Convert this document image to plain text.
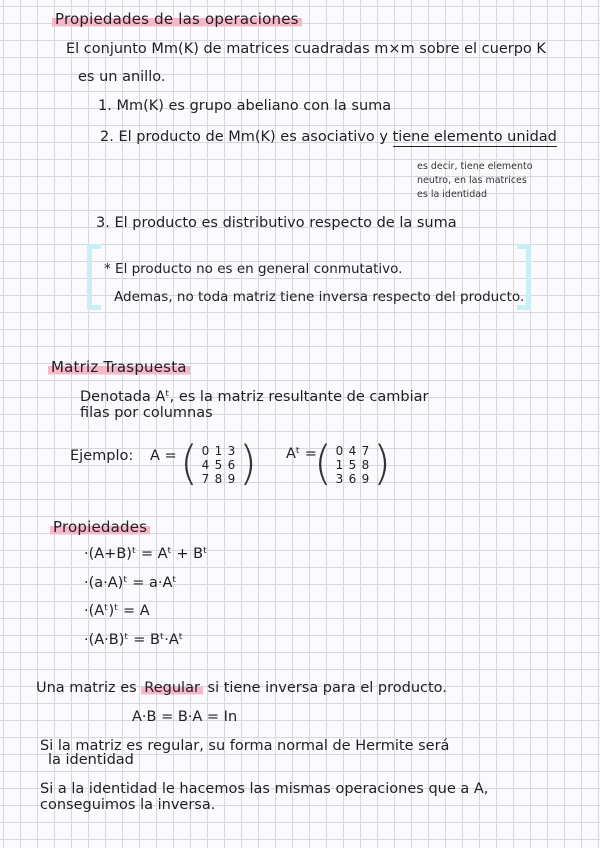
Propiedades de las operaciones
El conjunto Mm(K) de matrices cuadradas m×m sobre el cuerpo K
es un anillo.
1. Mm(K) es grupo abeliano con la suma
2. El producto de Mm(K) es asociativo y tiene elemento unidad
es decir, tiene elemento
neutro, en las matrices
es la identidad
3. El producto es distributivo respecto de la suma
* El producto no es en general conmutativo.
Ademas, no toda matriz tiene inversa respecto del producto.
Matriz Traspuesta
Denotada Aᵗ, es la matriz resultante de cambiar
filas por columnas
Ejemplo: A = ( 0 1 3
4 5 6
7 8 9 ) Aᵗ =
( 0 4 7
1 5 8
3 6 9 )
Propiedades
·(A+B)ᵗ = Aᵗ + Bᵗ
·(a·A)ᵗ = a·Aᵗ
·(Aᵗ)ᵗ = A
·(A·B)ᵗ = Bᵗ·Aᵗ
Una matriz es Regular si tiene inversa para el producto.
A·B = B·A = In
Si la matriz es regular, su forma normal de Hermite será
la identidad
Si a la identidad le hacemos las mismas operaciones que a A,
conseguimos la inversa.
